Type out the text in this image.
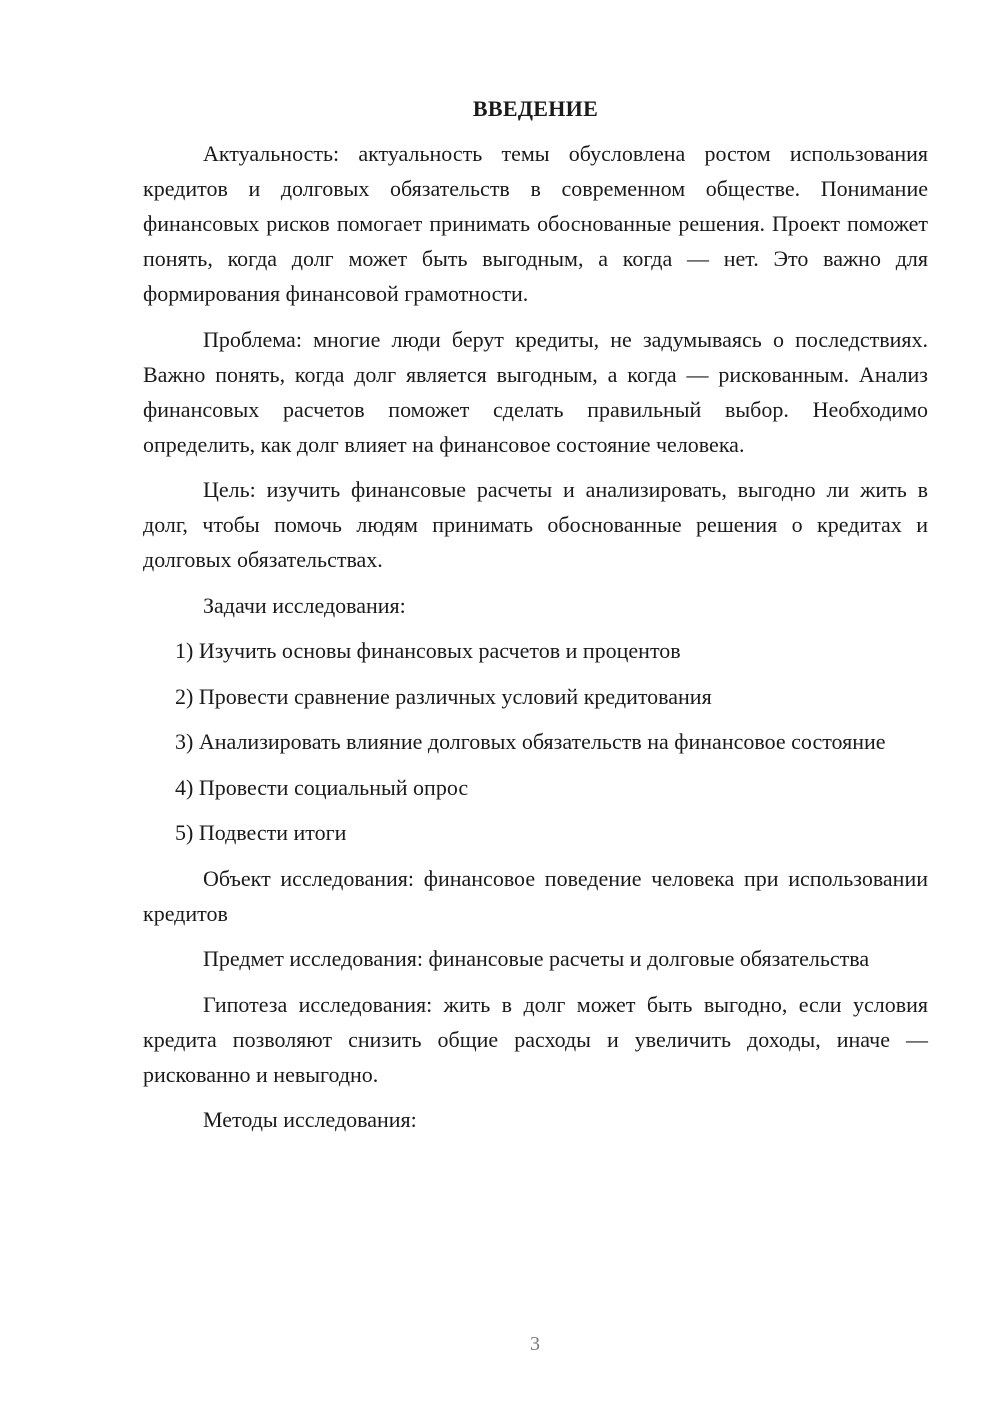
ВВЕДЕНИЕ

Актуальность: актуальность темы обусловлена ростом использования кредитов и долговых обязательств в современном обществе. Понимание финансовых рисков помогает принимать обоснованные решения. Проект поможет понять, когда долг может быть выгодным, а когда — нет. Это важно для формирования финансовой грамотности.

Проблема: многие люди берут кредиты, не задумываясь о последствиях. Важно понять, когда долг является выгодным, а когда — рискованным. Анализ финансовых расчетов поможет сделать правильный выбор. Необходимо определить, как долг влияет на финансовое состояние человека.

Цель: изучить финансовые расчеты и анализировать, выгодно ли жить в долг, чтобы помочь людям принимать обоснованные решения о кредитах и долговых обязательствах.

Задачи исследования:

1) Изучить основы финансовых расчетов и процентов
2) Провести сравнение различных условий кредитования
3) Анализировать влияние долговых обязательств на финансовое состояние
4) Провести социальный опрос
5) Подвести итоги

Объект исследования: финансовое поведение человека при использовании кредитов

Предмет исследования: финансовые расчеты и долговые обязательства

Гипотеза исследования: жить в долг может быть выгодно, если условия кредита позволяют снизить общие расходы и увеличить доходы, иначе — рискованно и невыгодно.

Методы исследования:

3
